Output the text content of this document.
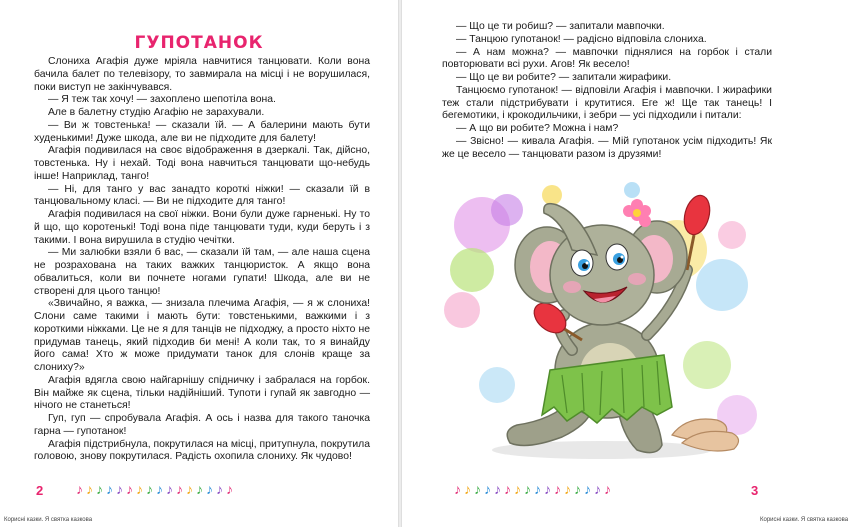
ГУПОТАНОК

Слониха Агафія дуже мріяла навчитися танцювати. Коли вона бачила балет по телевізору, то завмирала на місці і не ворушилася, поки виступ не закінчувався.

— Я теж так хочу! — захоплено шепотіла вона.

Але в балетну студію Агафію не зарахували.

— Ви ж товстенька! — сказали їй. — А балерини мають бути худенькими! Дуже шкода, але ви не підходите для балету!

Агафія подивилася на своє відображення в дзеркалі. Так, дійсно, товстенька. Ну і нехай. Тоді вона навчиться танцювати що-небудь інше! Наприклад, танго!

— Ні, для танго у вас занадто короткі ніжки! — сказали їй в танцювальному класі. — Ви не підходите для танго!

Агафія подивилася на свої ніжки. Вони були дуже гарненькі. Ну то й що, що коротенькі! Тоді вона піде танцювати туди, куди беруть і з такими. І вона вирушила в студію чечітки.

— Ми залюбки взяли б вас, — сказали їй там, — але наша сцена не розрахована на таких важких танцюристок. А якщо вона обвалиться, коли ви почнете ногами гупати! Шкода, але ви не створені для цього танцю!

«Звичайно, я важка, — знизала плечима Агафія, — я ж слониха! Слони саме такими і мають бути: товстенькими, важкими і з короткими ніжками. Це не я для танців не підходжу, а просто ніхто не придумав танець, який підходив би мені! А коли так, то я винайду його сама! Хто ж може придумати танок для слонів краще за слониху?»

Агафія вдягла свою найгарнішу спідничку і забралася на горбок. Він майже як сцена, тільки надійніший. Тупоти і гупай як завгодно — нічого не станеться!

Гуп, гуп — спробувала Агафія. А ось і назва для такого таночка гарна — гупотанок!

Агафія підстрибнула, покрутилася на місці, притупнула, покрутила головою, знову покрутилася. Радість охопила слониху. Як чудово!

2 ♪♪♪♪♪♪♪♪♪♪♪♪♪♪♪♪
Корисні казки. Я святка казкова

— Що це ти робиш? — запитали мавпочки.

— Танцюю гупотанок! — радісно відповіла слониха.

— А нам можна? — мавпочки піднялися на горбок і стали повторювати всі рухи. Агов! Як весело!

— Що це ви робите? — запитали жирафики.

Танцюємо гупотанок! — відповіли Агафія і мавпочки. І жирафики теж стали підстрибувати і крутитися. Еге ж! Ще так танець! І бегемотики, і крокодильчики, і зебри — усі підходили і питали:

— А що ви робите? Можна і нам?

— Звісно! — кивала Агафія. — Мій гупотанок усім підходить! Як же це весело — танцювати разом із друзями!

3
♪♪♪♪♪♪♪♪♪♪♪♪♪♪♪♪
Корисні казки. Я святка казкова
